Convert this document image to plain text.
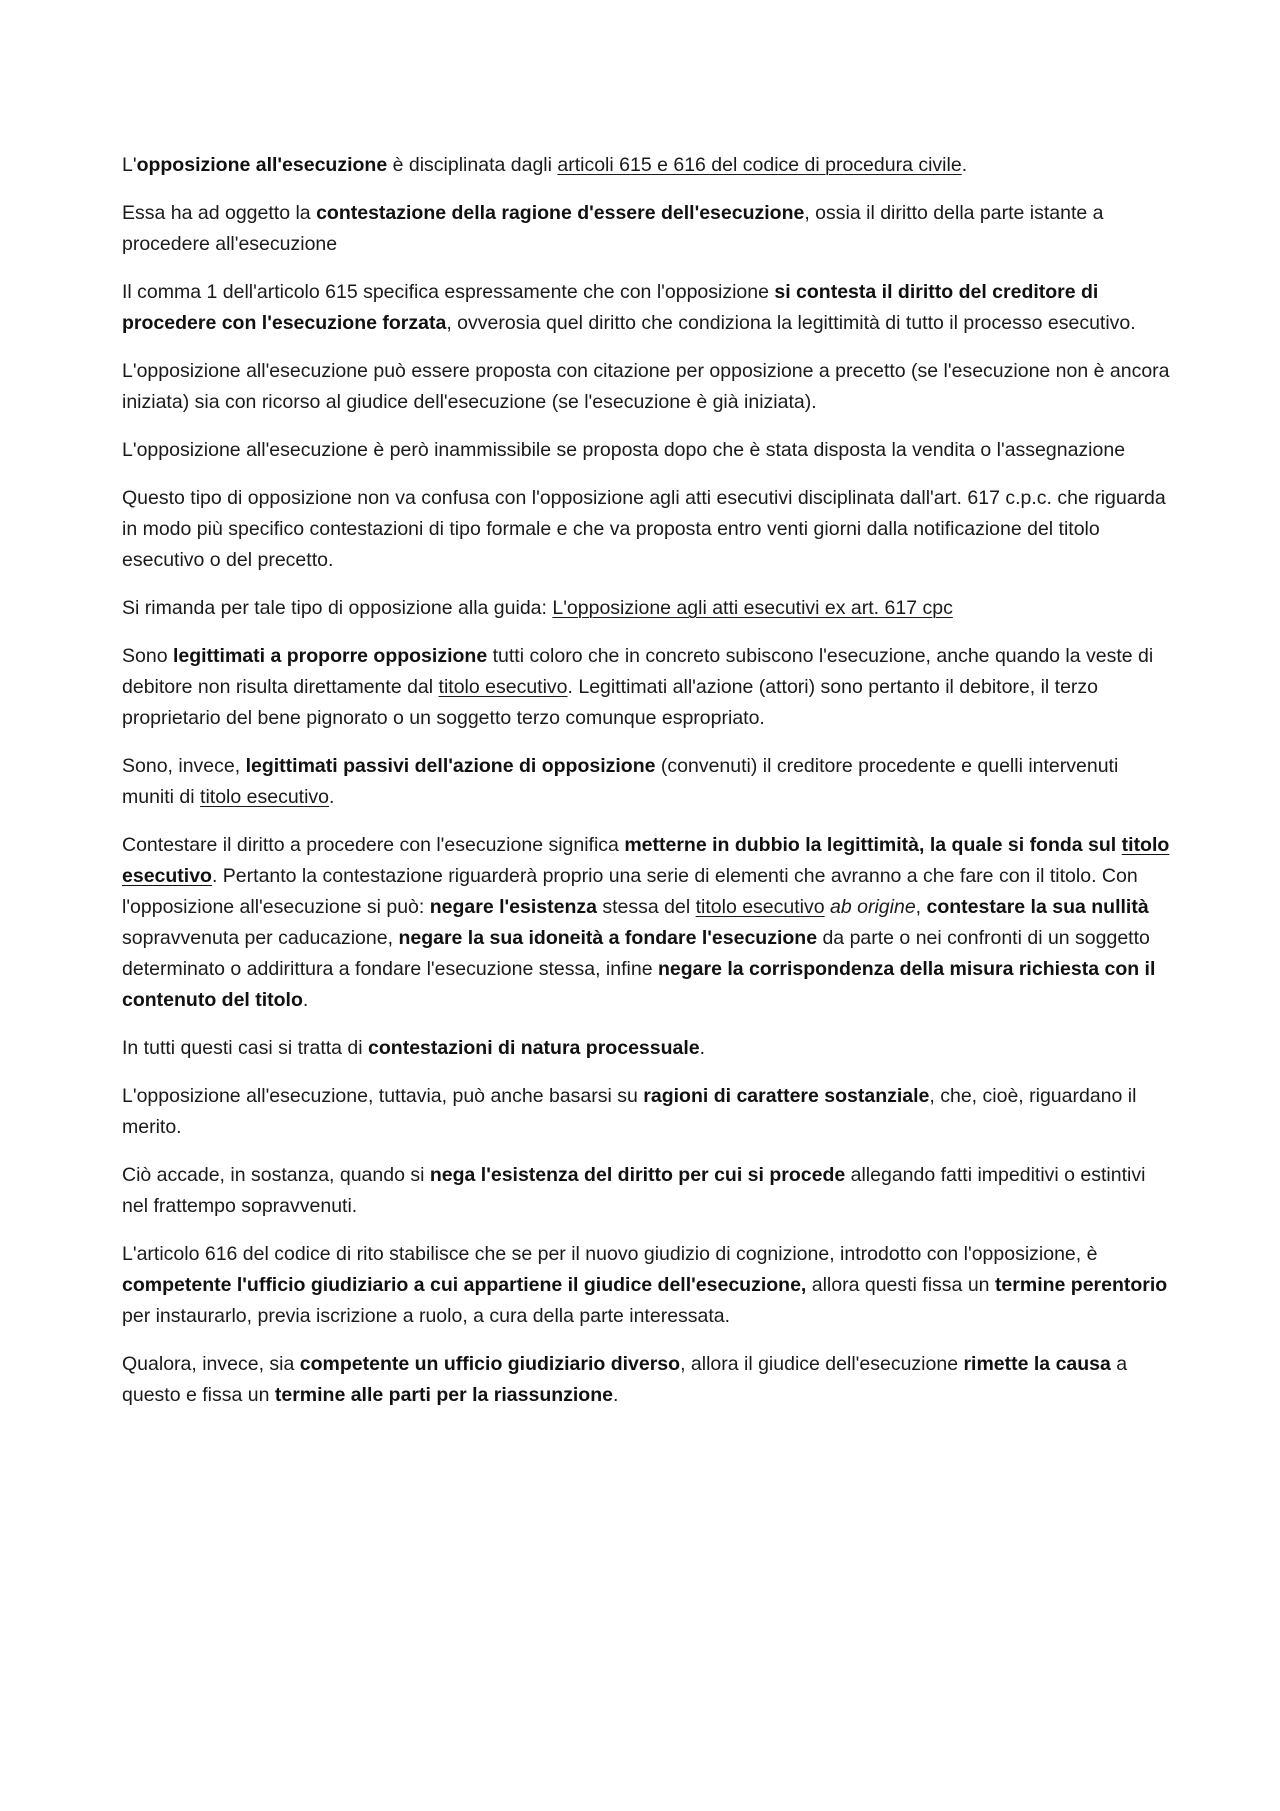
L'opposizione all'esecuzione è disciplinata dagli articoli 615 e 616 del codice di procedura civile.

Essa ha ad oggetto la contestazione della ragione d'essere dell'esecuzione, ossia il diritto della parte istante a procedere all'esecuzione

Il comma 1 dell'articolo 615 specifica espressamente che con l'opposizione si contesta il diritto del creditore di procedere con l'esecuzione forzata, ovverosia quel diritto che condiziona la legittimità di tutto il processo esecutivo.

L'opposizione all'esecuzione può essere proposta con citazione per opposizione a precetto (se l'esecuzione non è ancora iniziata) sia con ricorso al giudice dell'esecuzione (se l'esecuzione è già iniziata).

L'opposizione all'esecuzione è però inammissibile se proposta dopo che è stata disposta la vendita o l'assegnazione

Questo tipo di opposizione non va confusa con l'opposizione agli atti esecutivi disciplinata dall'art. 617 c.p.c. che riguarda in modo più specifico contestazioni di tipo formale e che va proposta entro venti giorni dalla notificazione del titolo esecutivo o del precetto.

Si rimanda per tale tipo di opposizione alla guida: L'opposizione agli atti esecutivi ex art. 617 cpc

Sono legittimati a proporre opposizione tutti coloro che in concreto subiscono l'esecuzione, anche quando la veste di debitore non risulta direttamente dal titolo esecutivo. Legittimati all'azione (attori) sono pertanto il debitore, il terzo proprietario del bene pignorato o un soggetto terzo comunque espropriato.

Sono, invece, legittimati passivi dell'azione di opposizione (convenuti) il creditore procedente e quelli intervenuti muniti di titolo esecutivo.

Contestare il diritto a procedere con l'esecuzione significa metterne in dubbio la legittimità, la quale si fonda sul titolo esecutivo. Pertanto la contestazione riguarderà proprio una serie di elementi che avranno a che fare con il titolo. Con l'opposizione all'esecuzione si può: negare l'esistenza stessa del titolo esecutivo ab origine, contestare la sua nullità sopravvenuta per caducazione, negare la sua idoneità a fondare l'esecuzione da parte o nei confronti di un soggetto determinato o addirittura a fondare l'esecuzione stessa, infine negare la corrispondenza della misura richiesta con il contenuto del titolo.

In tutti questi casi si tratta di contestazioni di natura processuale.

L'opposizione all'esecuzione, tuttavia, può anche basarsi su ragioni di carattere sostanziale, che, cioè, riguardano il merito.

Ciò accade, in sostanza, quando si nega l'esistenza del diritto per cui si procede allegando fatti impeditivi o estintivi nel frattempo sopravvenuti.

L'articolo 616 del codice di rito stabilisce che se per il nuovo giudizio di cognizione, introdotto con l'opposizione, è competente l'ufficio giudiziario a cui appartiene il giudice dell'esecuzione, allora questi fissa un termine perentorio per instaurarlo, previa iscrizione a ruolo, a cura della parte interessata.

Qualora, invece, sia competente un ufficio giudiziario diverso, allora il giudice dell'esecuzione rimette la causa a questo e fissa un termine alle parti per la riassunzione.
